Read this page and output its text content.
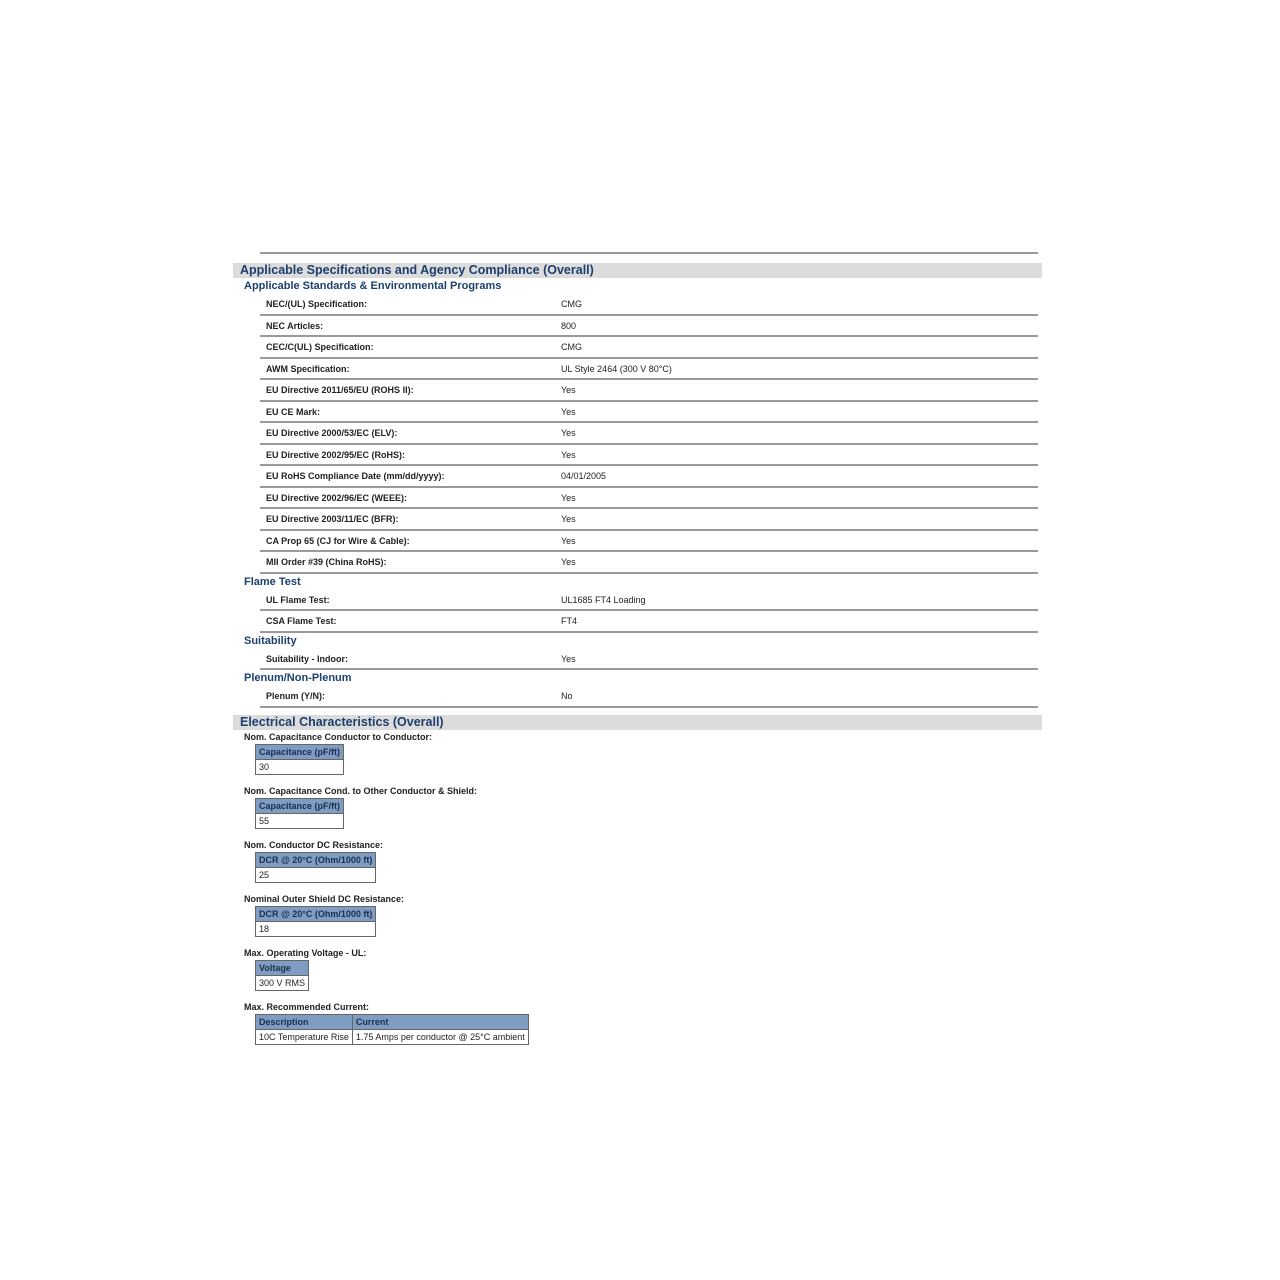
Applicable Specifications and Agency Compliance (Overall)
Applicable Standards & Environmental Programs
NEC/(UL) Specification:	CMG
NEC Articles:	800
CEC/C(UL) Specification:	CMG
AWM Specification:	UL Style 2464 (300 V 80°C)
EU Directive 2011/65/EU (ROHS II):	Yes
EU CE Mark:	Yes
EU Directive 2000/53/EC (ELV):	Yes
EU Directive 2002/95/EC (RoHS):	Yes
EU RoHS Compliance Date (mm/dd/yyyy):	04/01/2005
EU Directive 2002/96/EC (WEEE):	Yes
EU Directive 2003/11/EC (BFR):	Yes
CA Prop 65 (CJ for Wire & Cable):	Yes
MII Order #39 (China RoHS):	Yes
Flame Test
UL Flame Test:	UL1685 FT4 Loading
CSA Flame Test:	FT4
Suitability
Suitability - Indoor:	Yes
Plenum/Non-Plenum
Plenum (Y/N):	No
Electrical Characteristics (Overall)
Nom. Capacitance Conductor to Conductor:
Capacitance (pF/ft)
30
Nom. Capacitance Cond. to Other Conductor & Shield:
Capacitance (pF/ft)
55
Nom. Conductor DC Resistance:
DCR @ 20°C (Ohm/1000 ft)
25
Nominal Outer Shield DC Resistance:
DCR @ 20°C (Ohm/1000 ft)
18
Max. Operating Voltage - UL:
Voltage
300 V RMS
Max. Recommended Current:
Description	Current
10C Temperature Rise	1.75 Amps per conductor @ 25°C ambient
